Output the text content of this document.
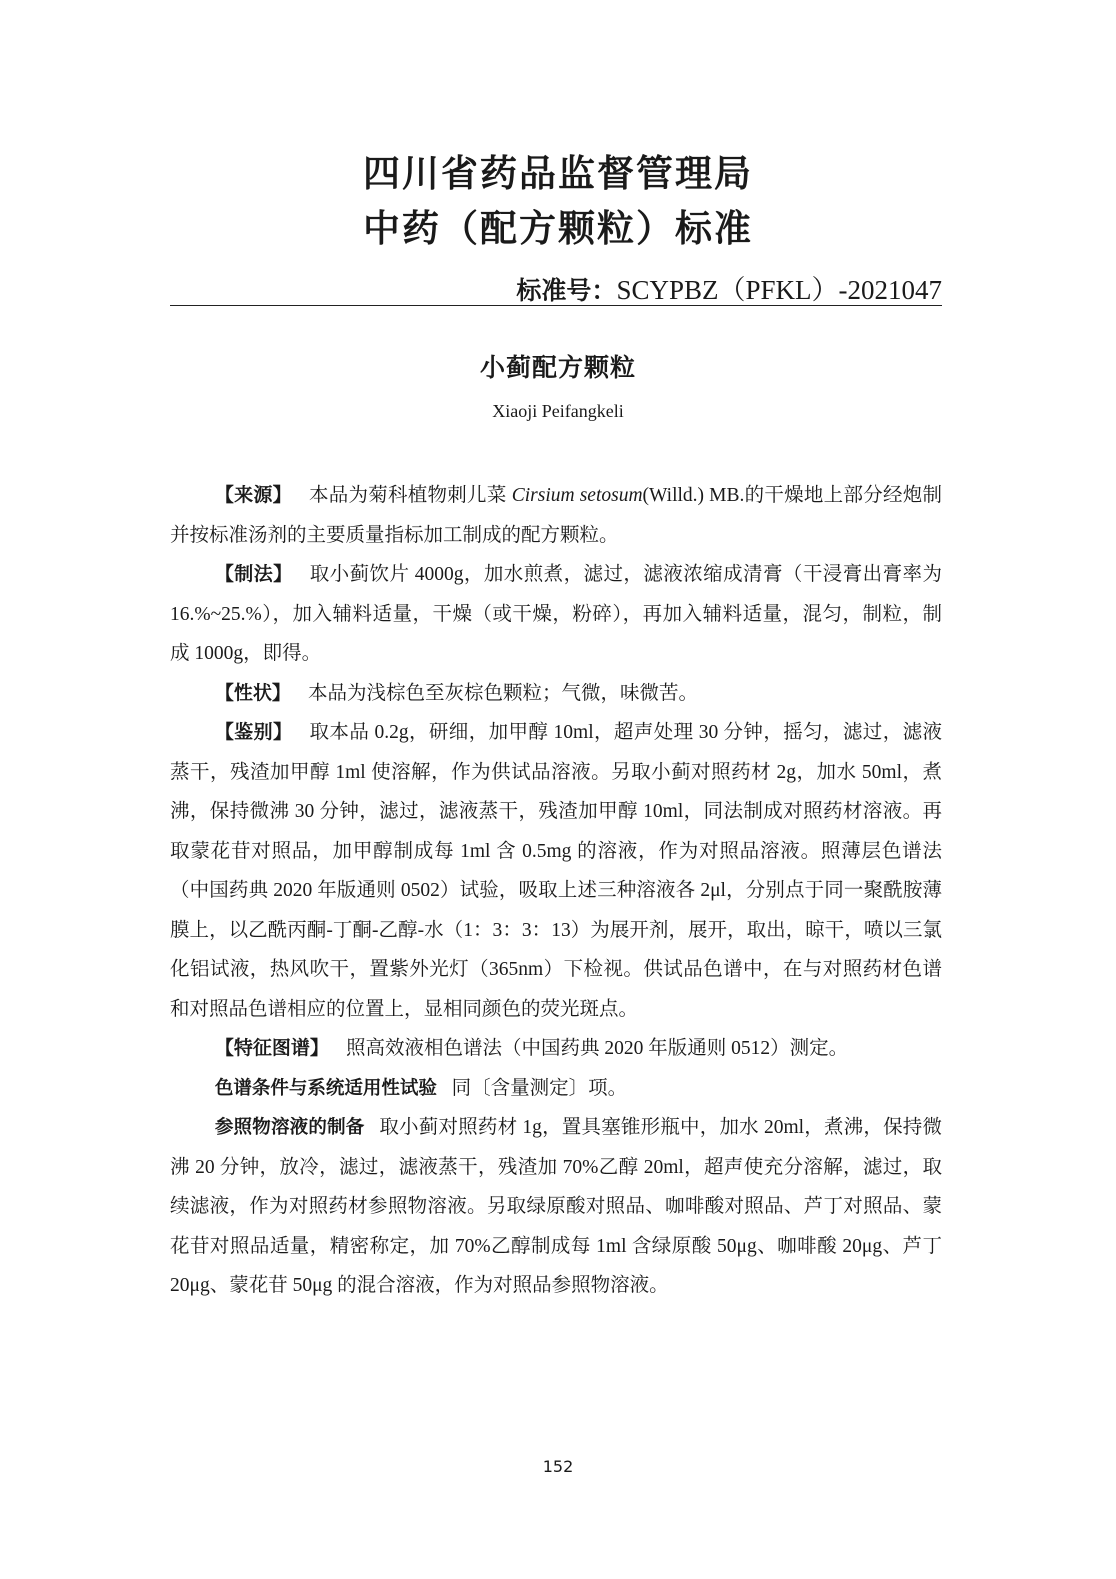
四川省药品监督管理局
中药（配方颗粒）标准
标准号：SCYPBZ（PFKL）-2021047
小蓟配方颗粒
Xiaoji Peifangkeli

【来源】 本品为菊科植物刺儿菜 Cirsium setosum(Willd.) MB.的干燥地上部分经炮制并按标准汤剂的主要质量指标加工制成的配方颗粒。

【制法】 取小蓟饮片 4000g，加水煎煮，滤过，滤液浓缩成清膏（干浸膏出膏率为 16.%~25.%），加入辅料适量，干燥（或干燥，粉碎），再加入辅料适量，混匀，制粒，制成 1000g，即得。

【性状】 本品为浅棕色至灰棕色颗粒；气微，味微苦。

【鉴别】 取本品 0.2g，研细，加甲醇 10ml，超声处理 30 分钟，摇匀，滤过，滤液蒸干，残渣加甲醇 1ml 使溶解，作为供试品溶液。另取小蓟对照药材 2g，加水 50ml，煮沸，保持微沸 30 分钟，滤过，滤液蒸干，残渣加甲醇 10ml，同法制成对照药材溶液。再取蒙花苷对照品，加甲醇制成每 1ml 含 0.5mg 的溶液，作为对照品溶液。照薄层色谱法（中国药典 2020 年版通则 0502）试验，吸取上述三种溶液各 2μl，分别点于同一聚酰胺薄膜上，以乙酰丙酮-丁酮-乙醇-水（1：3：3：13）为展开剂，展开，取出，晾干，喷以三氯化铝试液，热风吹干，置紫外光灯（365nm）下检视。供试品色谱中，在与对照药材色谱和对照品色谱相应的位置上，显相同颜色的荧光斑点。

【特征图谱】 照高效液相色谱法（中国药典 2020 年版通则 0512）测定。

色谱条件与系统适用性试验 同〔含量测定〕项。

参照物溶液的制备 取小蓟对照药材 1g，置具塞锥形瓶中，加水 20ml，煮沸，保持微沸 20 分钟，放冷，滤过，滤液蒸干，残渣加 70%乙醇 20ml，超声使充分溶解，滤过，取续滤液，作为对照药材参照物溶液。另取绿原酸对照品、咖啡酸对照品、芦丁对照品、蒙花苷对照品适量，精密称定，加 70%乙醇制成每 1ml 含绿原酸 50μg、咖啡酸 20μg、芦丁 20μg、蒙花苷 50μg 的混合溶液，作为对照品参照物溶液。

152
